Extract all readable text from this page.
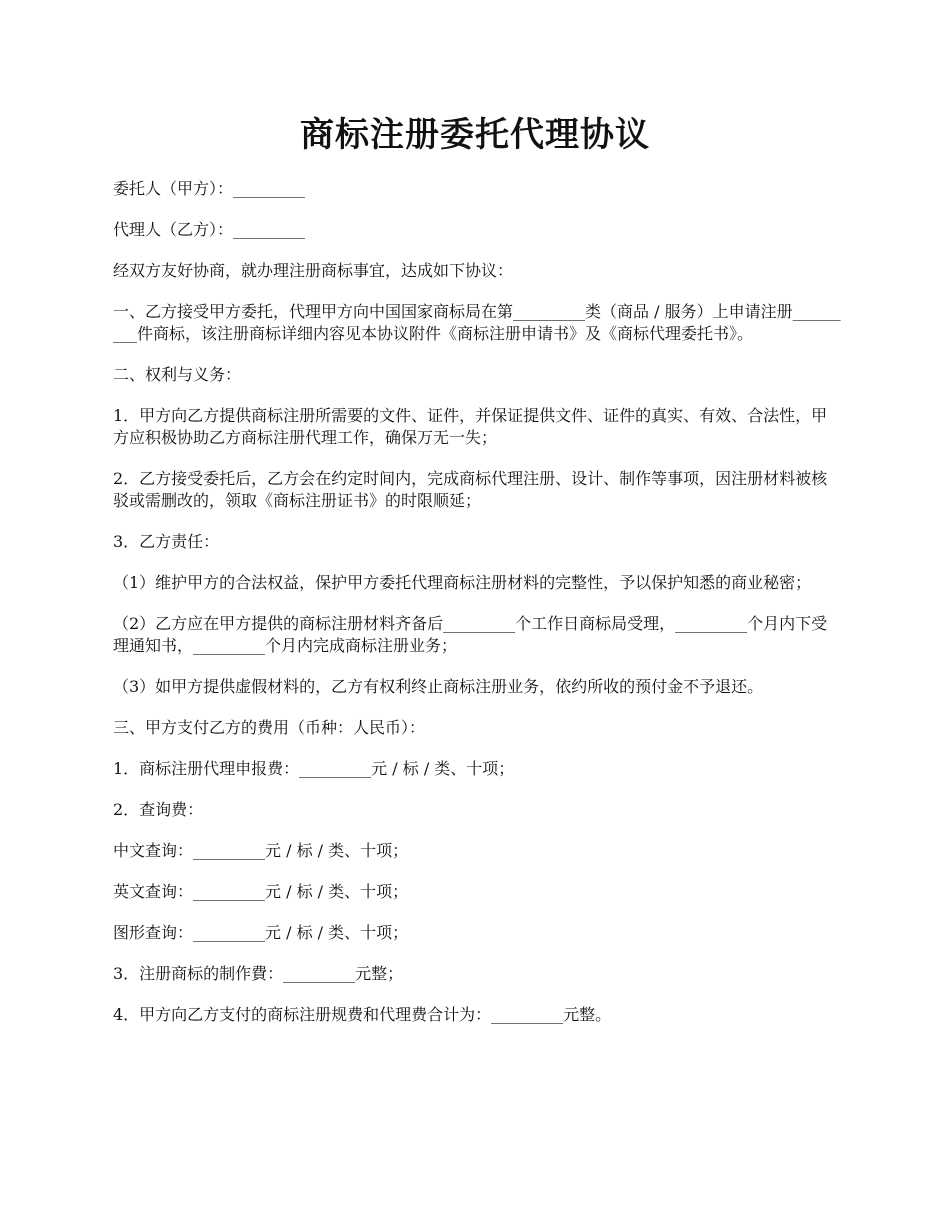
商标注册委托代理协议

委托人（甲方）：_________

代理人（乙方）：_________

经双方友好协商，就办理注册商标事宜，达成如下协议：

一、乙方接受甲方委托，代理甲方向中国国家商标局在第_________类（商品 / 服务）上申请注册_________件商标，该注册商标详细内容见本协议附件《商标注册申请书》及《商标代理委托书》。

二、权利与义务：

1．甲方向乙方提供商标注册所需要的文件、证件，并保证提供文件、证件的真实、有效、合法性，甲方应积极协助乙方商标注册代理工作，确保万无一失；

2．乙方接受委托后，乙方会在约定时间内，完成商标代理注册、设计、制作等事项，因注册材料被核驳或需删改的，领取《商标注册证书》的时限顺延；

3．乙方责任：

（1）维护甲方的合法权益，保护甲方委托代理商标注册材料的完整性，予以保护知悉的商业秘密；

（2）乙方应在甲方提供的商标注册材料齐备后_________个工作日商标局受理，_________个月内下受理通知书，_________个月内完成商标注册业务；

（3）如甲方提供虚假材料的，乙方有权利终止商标注册业务，依约所收的预付金不予退还。

三、甲方支付乙方的费用（币种：人民币）：

1．商标注册代理申报费：_________元 / 标 / 类、十项；

2．查询费：

中文查询：_________元 / 标 / 类、十项；

英文查询：_________元 / 标 / 类、十项；

图形查询：_________元 / 标 / 类、十项；

3．注册商标的制作費：_________元整；

4．甲方向乙方支付的商标注册规费和代理费合计为：_________元整。
